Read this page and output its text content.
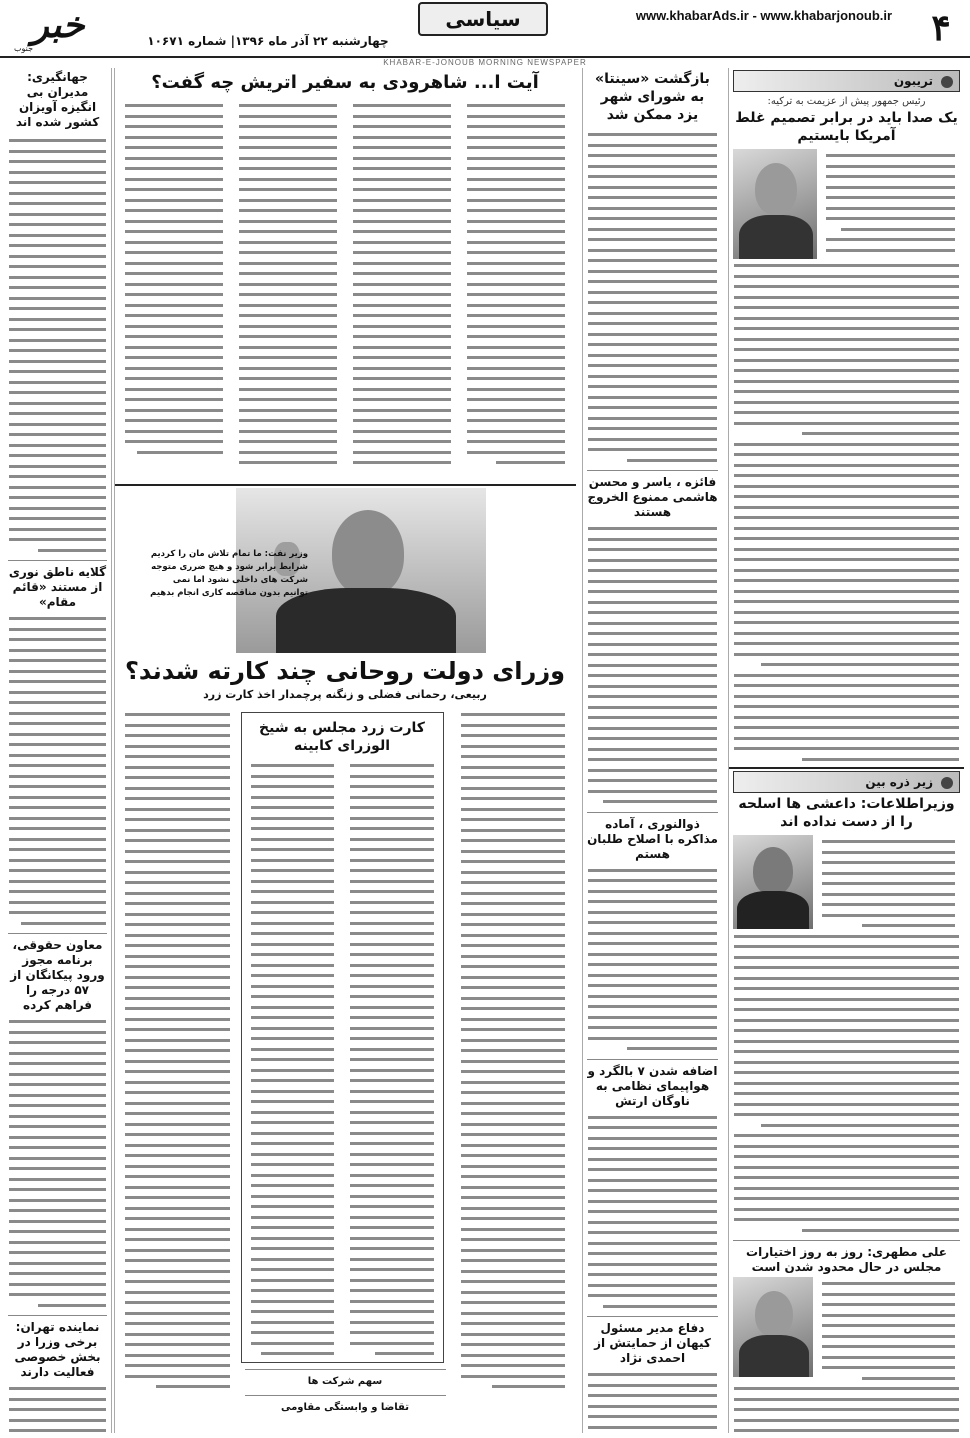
۴
www.khabarAds.ir - www.khabarjonoub.ir
سیاسی
چهارشنبه ۲۲ آذر ماه ۱۳۹۶| شماره ۱۰۶۷۱
خبر
جنوب
KHABAR-E-JONOUB MORNING NEWSPAPER
تریبون
رئیس جمهور پیش از عزیمت به ترکیه:
یک صدا باید در برابر تصمیم غلط آمریکا بایستیم
زیر ذره بین
وزیراطلاعات: داعشی ها اسلحه را از دست نداده اند
علی مطهری: روز به روز اختیارات مجلس در حال محدود شدن است
بازگشت «سینتا» به شورای شهر یزد ممکن شد
فائزه ، یاسر و محسن هاشمی ممنوع الخروج هستند
ذوالنوری ، آماده مذاکره با اصلاح طلبان هستم
اضافه شدن ۷ بالگرد و هواپیمای نظامی به ناوگان ارتش
دفاع مدیر مسئول کیهان از حمایتش از احمدی نژاد
آیت ا... شاهرودی به سفیر اتریش چه گفت؟
وزیر نفت: ما تمام تلاش مان را کردیم شرایط برابر شود و هیچ ضرری متوجه شرکت های داخلی نشود اما نمی توانیم بدون مناقصه کاری انجام بدهیم
وزرای دولت روحانی چند کارته شدند؟
ربیعی، رحمانی فضلی و زنگنه پرچمدار اخذ کارت زرد
کارت زرد مجلس به شیخ الوزرای کابینه
سهم شرکت ها
تقاضا و وابستگی مقاومی
جهانگیری: مدیران بی انگیزه آویزان کشور شده اند
گلایه ناطق نوری از مستند «قائم مقام»
معاون حقوقی، برنامه مجوز ورود پیکانگان از ۵۷ درجه را فراهم کرده
نماینده تهران: برخی وزرا در بخش خصوصی فعالیت دارند
